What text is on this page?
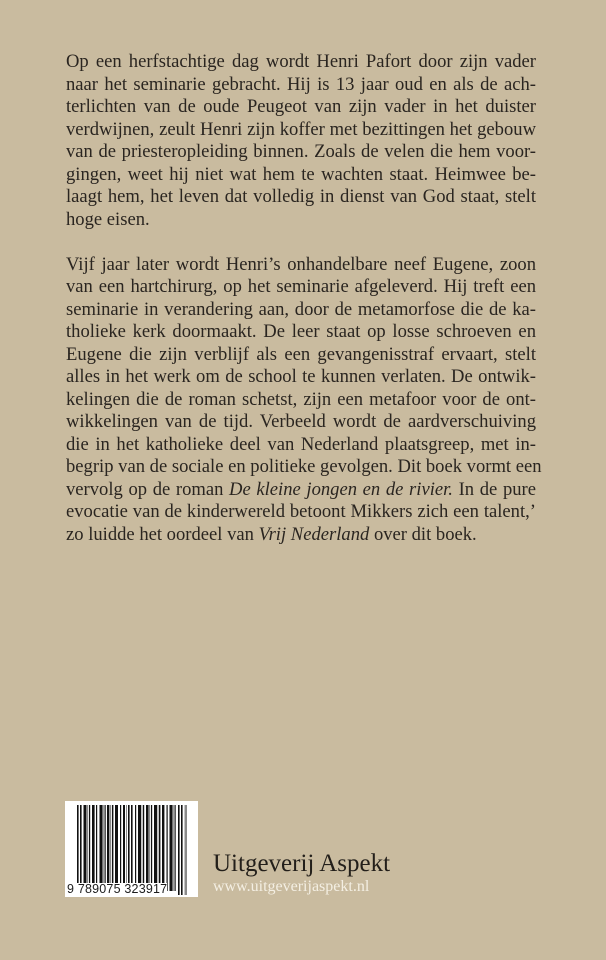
Op een herfstachtige dag wordt Henri Pafort door zijn vader
naar het seminarie gebracht. Hij is 13 jaar oud en als de ach-
terlichten van de oude Peugeot van zijn vader in het duister
verdwijnen, zeult Henri zijn koffer met bezittingen het gebouw
van de priesteropleiding binnen. Zoals de velen die hem voor-
gingen, weet hij niet wat hem te wachten staat. Heimwee be-
laagt hem, het leven dat volledig in dienst van God staat, stelt
hoge eisen.

Vijf jaar later wordt Henri’s onhandelbare neef Eugene, zoon
van een hartchirurg, op het seminarie afgeleverd. Hij treft een
seminarie in verandering aan, door de metamorfose die de ka-
tholieke kerk doormaakt. De leer staat op losse schroeven en
Eugene die zijn verblijf als een gevangenisstraf ervaart, stelt
alles in het werk om de school te kunnen verlaten. De ontwik-
kelingen die de roman schetst, zijn een metafoor voor de ont-
wikkelingen van de tijd. Verbeeld wordt de aardverschuiving
die in het katholieke deel van Nederland plaatsgreep, met in-
begrip van de sociale en politieke gevolgen. Dit boek vormt een
vervolg op de roman De kleine jongen en de rivier. In de pure
evocatie van de kinderwereld betoont Mikkers zich een talent,’
zo luidde het oordeel van Vrij Nederland over dit boek.

9 789075 323917
Uitgeverij Aspekt
www.uitgeverijaspekt.nl
